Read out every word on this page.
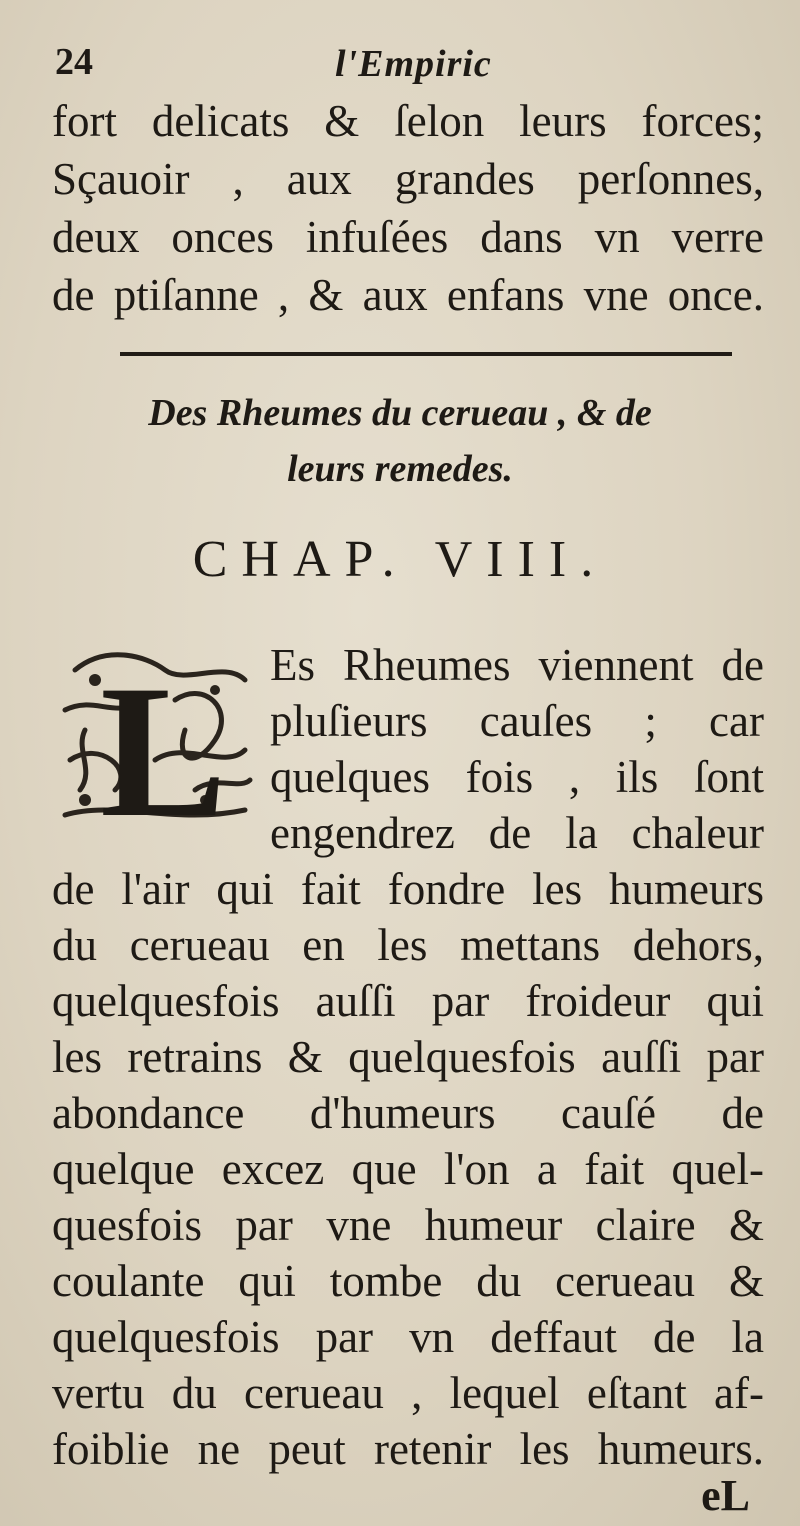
24	l'Empiric
fort delicats & ſelon leurs forces;
Sçauoir , aux grandes perſonnes,
deux onces infuſées dans vn verre
de ptiſanne , & aux enfans vne once.
Des Rheumes du cerueau , & de
leurs remedes.
CHAP. VIII.
L Es Rheumes viennent de
pluſieurs cauſes ; car
quelques fois , ils ſont
engendrez de la chaleur
de l'air qui fait fondre les humeurs
du cerueau en les mettans dehors,
quelquesfois auſſi par froideur qui
les retrains & quelquesfois auſſi par
abondance d'humeurs cauſé de
quelque excez que l'on a fait quel-
quesfois par vne humeur claire &
coulante qui tombe du cerueau &
quelquesfois par vn deffaut de la
vertu du cerueau , lequel eſtant af-
foiblie ne peut retenir les humeurs.
eL
